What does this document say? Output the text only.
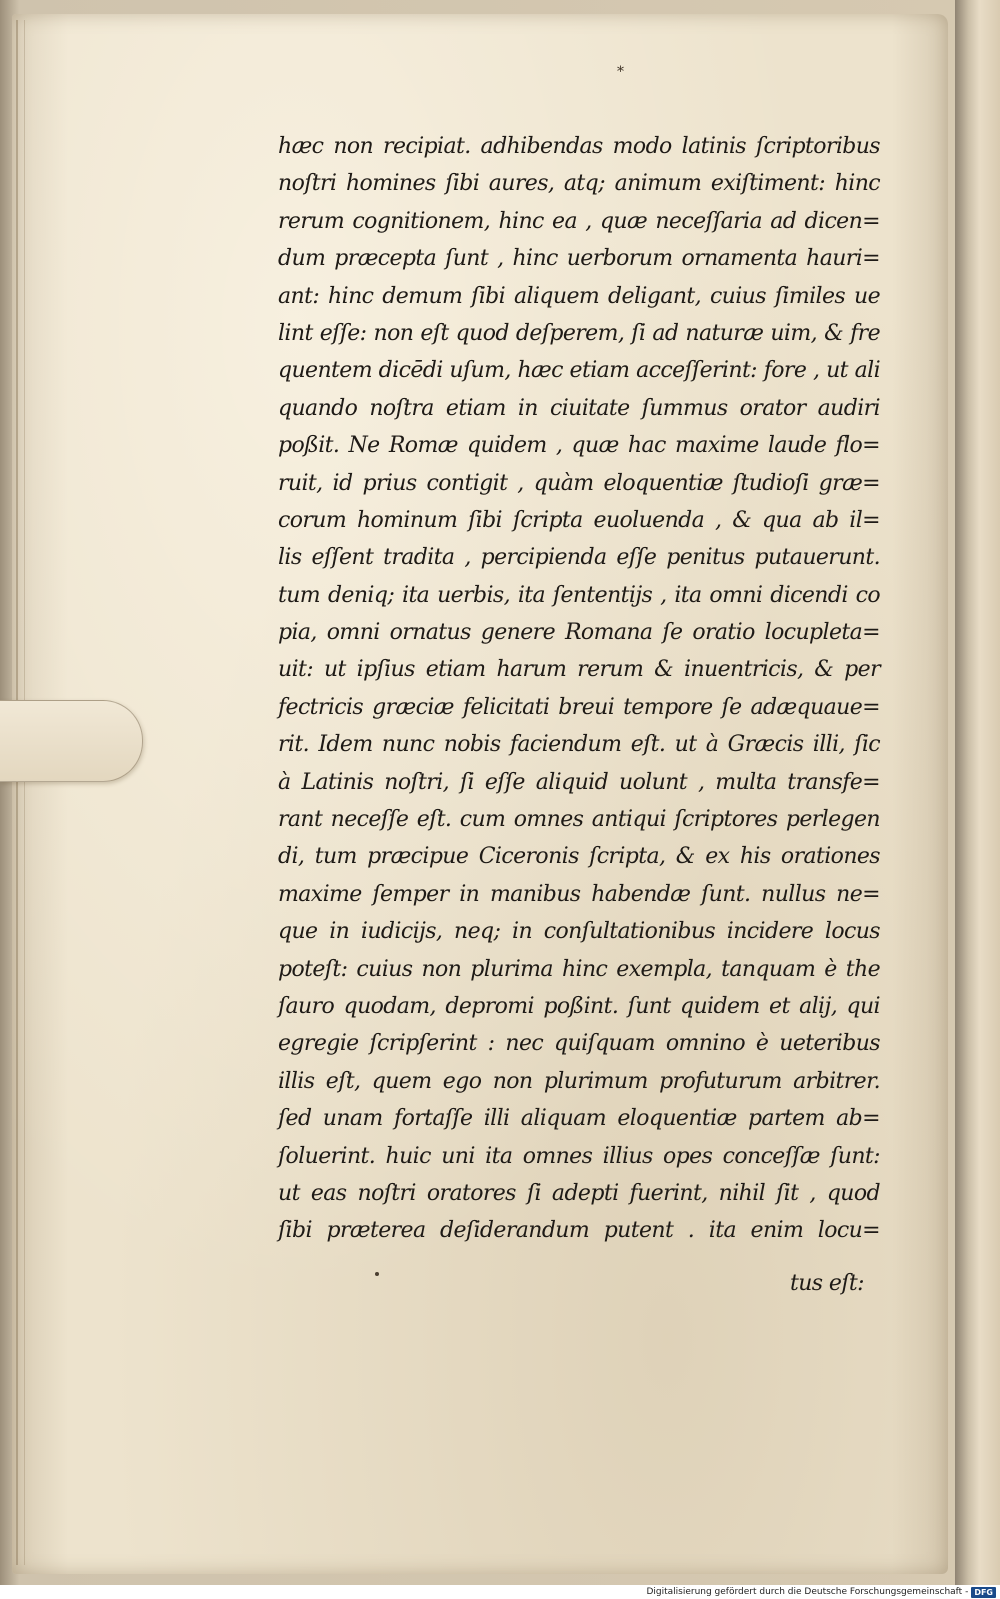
*
hæc non recipiat. adhibendas modo latinis ſcriptoribus
noſtri homines ſibi aures, atq; animum exiſtiment: hinc
rerum cognitionem, hinc ea , quæ neceſſaria ad dicen=
dum præcepta ſunt , hinc uerborum ornamenta hauri=
ant: hinc demum ſibi aliquem deligant, cuius ſimiles ue
lint eſſe: non eſt quod deſperem, ſi ad naturæ uim, & fre
quentem dicēdi uſum, hæc etiam acceſſerint: fore , ut ali
quando noſtra etiam in ciuitate ſummus orator audiri
poßit. Ne Romæ quidem , quæ hac maxime laude flo=
ruit, id prius contigit , quàm eloquentiæ ſtudioſi græ=
corum hominum ſibi ſcripta euoluenda , & qua ab il=
lis eſſent tradita , percipienda eſſe penitus putauerunt.
tum deniq; ita uerbis, ita ſententijs , ita omni dicendi co
pia, omni ornatus genere Romana ſe oratio locupleta=
uit: ut ipſius etiam harum rerum & inuentricis, & per
fectricis græciæ felicitati breui tempore ſe adæquaue=
rit. Idem nunc nobis faciendum eſt. ut à Græcis illi, ſic
à Latinis noſtri, ſi eſſe aliquid uolunt , multa transfe=
rant neceſſe eſt. cum omnes antiqui ſcriptores perlegen
di, tum præcipue Ciceronis ſcripta, & ex his orationes
maxime ſemper in manibus habendæ ſunt. nullus ne=
que in iudicijs, neq; in conſultationibus incidere locus
poteſt: cuius non plurima hinc exempla, tanquam è the
ſauro quodam, depromi poßint. ſunt quidem et alij, qui
egregie ſcripſerint : nec quiſquam omnino è ueteribus
illis eſt, quem ego non plurimum profuturum arbitrer.
ſed unam fortaſſe illi aliquam eloquentiæ partem ab=
ſoluerint. huic uni ita omnes illius opes conceſſæ ſunt:
ut eas noſtri oratores ſi adepti fuerint, nihil ſit , quod
ſibi præterea deſiderandum putent . ita enim locu=
tus eſt:
Digitalisierung gefördert durch die Deutsche Forschungsgemeinschaft - DFG
